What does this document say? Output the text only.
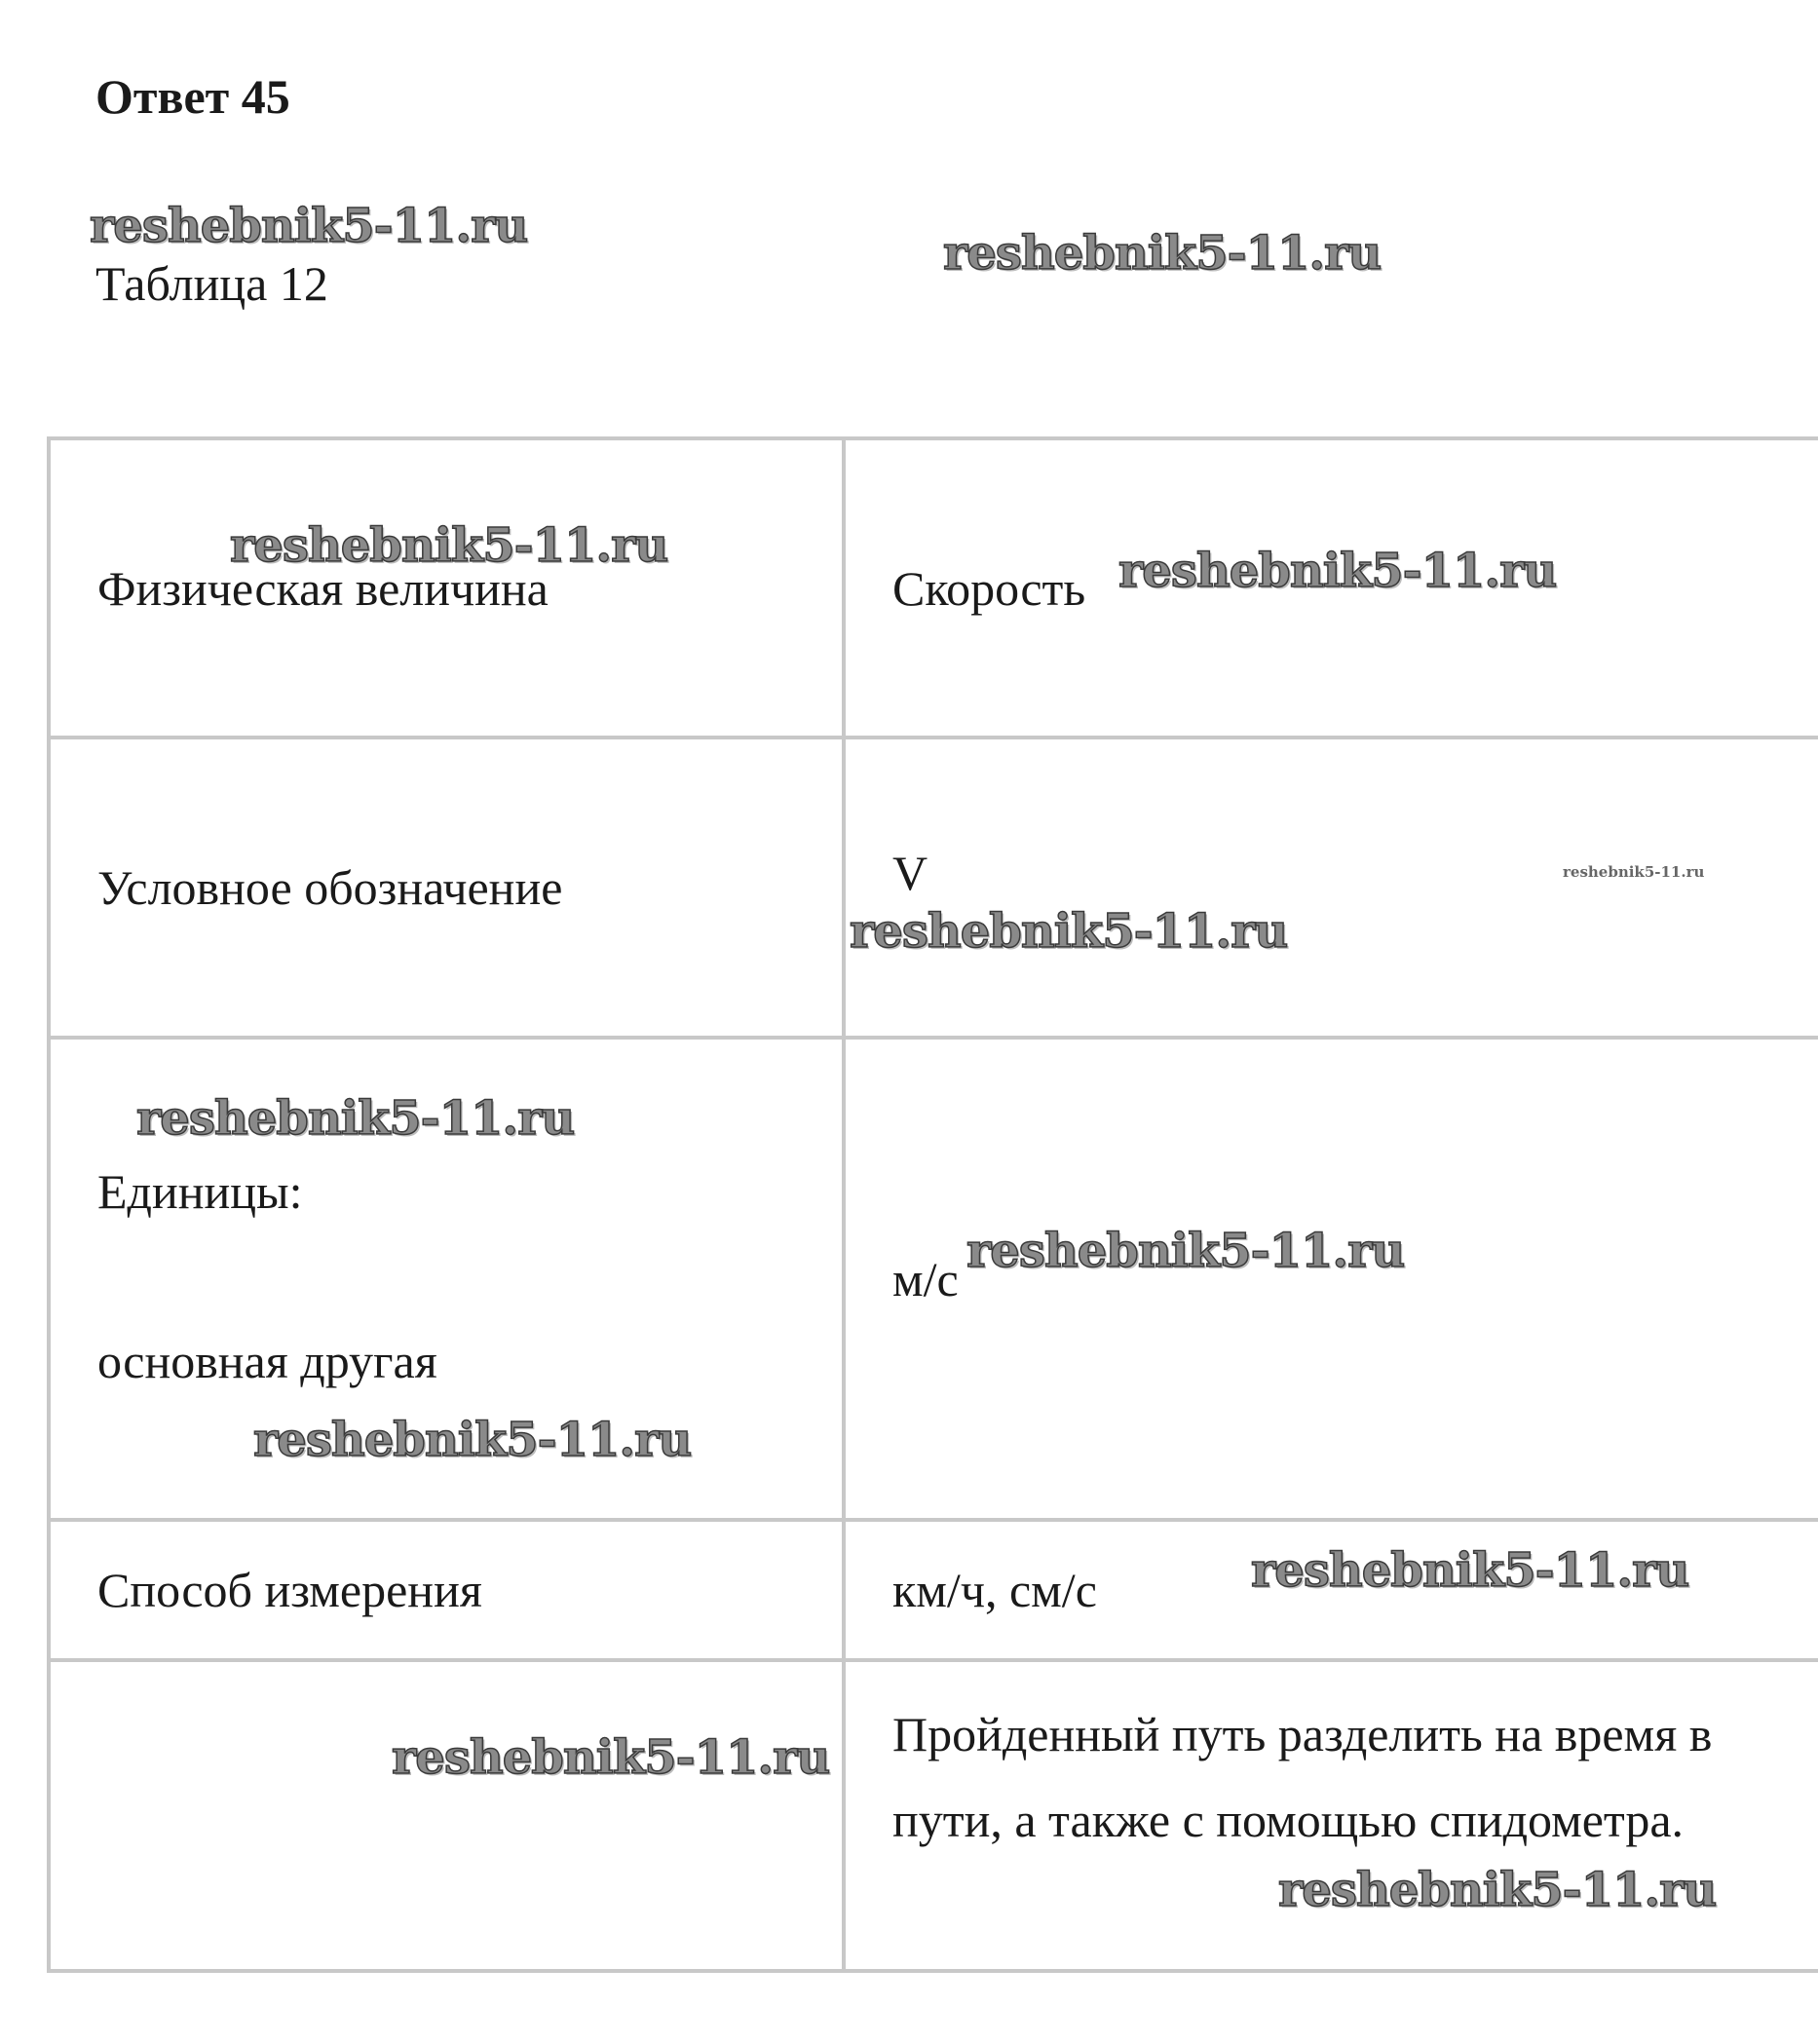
Ответ 45
Таблица 12
Физическая величина	Скорость
Условное обозначение	V

Единицы:
основная другая	м/с
Способ измерения	км/ч, см/с

	Пройденный путь разделить на время в пути, а также с помощью спидометра.
reshebnik5-11.ru	reshebnik5-11.ru
reshebnik5-11.ru	reshebnik5-11.ru
reshebnik5-11.ru
reshebnik5-11.ru
reshebnik5-11.ru
reshebnik5-11.ru
reshebnik5-11.ru
reshebnik5-11.ru
reshebnik5-11.ru
reshebnik5-11.ru
